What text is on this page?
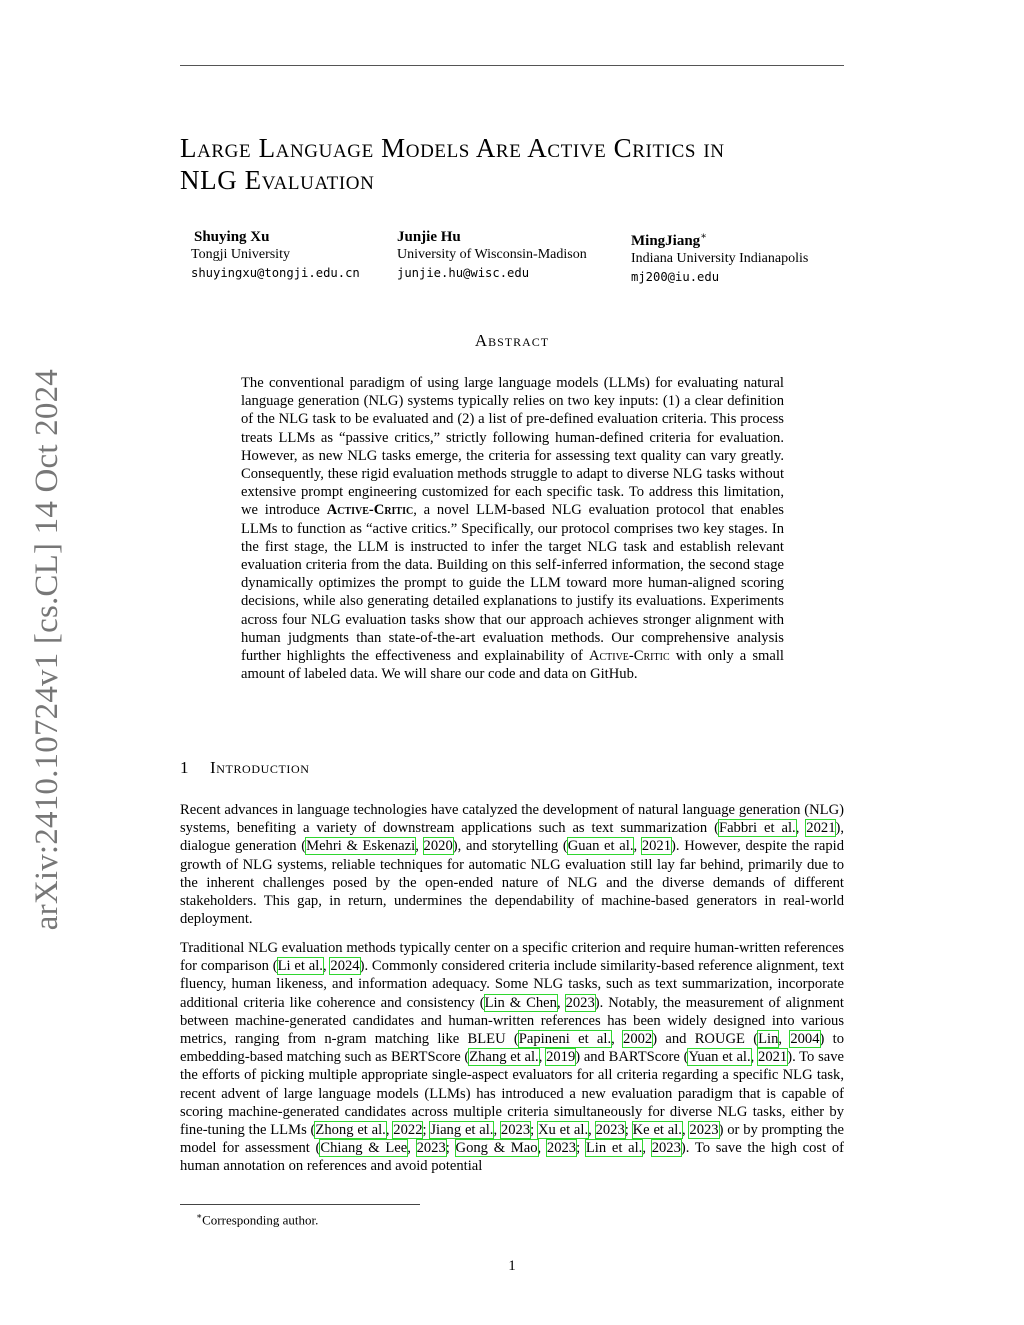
arXiv:2410.10724v1 [cs.CL] 14 Oct 2024
Large Language Models Are Active Critics in
NLG Evaluation
Shuying Xu
Tongji University
shuyingxu@tongji.edu.cn
Junjie Hu
University of Wisconsin-Madison
junjie.hu@wisc.edu
MingJiang∗
Indiana University Indianapolis
mj200@iu.edu
Abstract
The conventional paradigm of using large language models (LLMs) for evaluating natural language generation (NLG) systems typically relies on two key inputs: (1) a clear definition of the NLG task to be evaluated and (2) a list of pre-defined evaluation criteria. This process treats LLMs as “passive critics,” strictly following human-defined criteria for evaluation. However, as new NLG tasks emerge, the criteria for assessing text quality can vary greatly. Consequently, these rigid evaluation methods struggle to adapt to diverse NLG tasks without extensive prompt engineering customized for each specific task. To address this limitation, we introduce Active-Critic, a novel LLM-based NLG evaluation protocol that enables LLMs to function as “active critics.” Specifically, our protocol comprises two key stages. In the first stage, the LLM is instructed to infer the target NLG task and establish relevant evaluation criteria from the data. Building on this self-inferred information, the second stage dynamically optimizes the prompt to guide the LLM toward more human-aligned scoring decisions, while also generating detailed explanations to justify its evaluations. Experiments across four NLG evaluation tasks show that our approach achieves stronger alignment with human judgments than state-of-the-art evaluation methods. Our comprehensive analysis further highlights the effectiveness and explainability of Active-Critic with only a small amount of labeled data. We will share our code and data on GitHub.
1 Introduction
Recent advances in language technologies have catalyzed the development of natural language generation (NLG) systems, benefiting a variety of downstream applications such as text summarization (Fabbri et al., 2021), dialogue generation (Mehri & Eskenazi, 2020), and storytelling (Guan et al., 2021). However, despite the rapid growth of NLG systems, reliable techniques for automatic NLG evaluation still lay far behind, primarily due to the inherent challenges posed by the open-ended nature of NLG and the diverse demands of different stakeholders. This gap, in return, undermines the dependability of machine-based generators in real-world deployment.
Traditional NLG evaluation methods typically center on a specific criterion and require human-written references for comparison (Li et al., 2024). Commonly considered criteria include similarity-based reference alignment, text fluency, human likeness, and information adequacy. Some NLG tasks, such as text summarization, incorporate additional criteria like coherence and consistency (Lin & Chen, 2023). Notably, the measurement of alignment between machine-generated candidates and human-written references has been widely designed into various metrics, ranging from n-gram matching like BLEU (Papineni et al., 2002) and ROUGE (Lin, 2004) to embedding-based matching such as BERTScore (Zhang et al., 2019) and BARTScore (Yuan et al., 2021). To save the efforts of picking multiple appropriate single-aspect evaluators for all criteria regarding a specific NLG task, recent advent of large language models (LLMs) has introduced a new evaluation paradigm that is capable of scoring machine-generated candidates across multiple criteria simultaneously for diverse NLG tasks, either by fine-tuning the LLMs (Zhong et al., 2022; Jiang et al., 2023; Xu et al., 2023; Ke et al., 2023) or by prompting the model for assessment (Chiang & Lee, 2023; Gong & Mao, 2023; Lin et al., 2023). To save the high cost of human annotation on references and avoid potential
∗Corresponding author.
1
